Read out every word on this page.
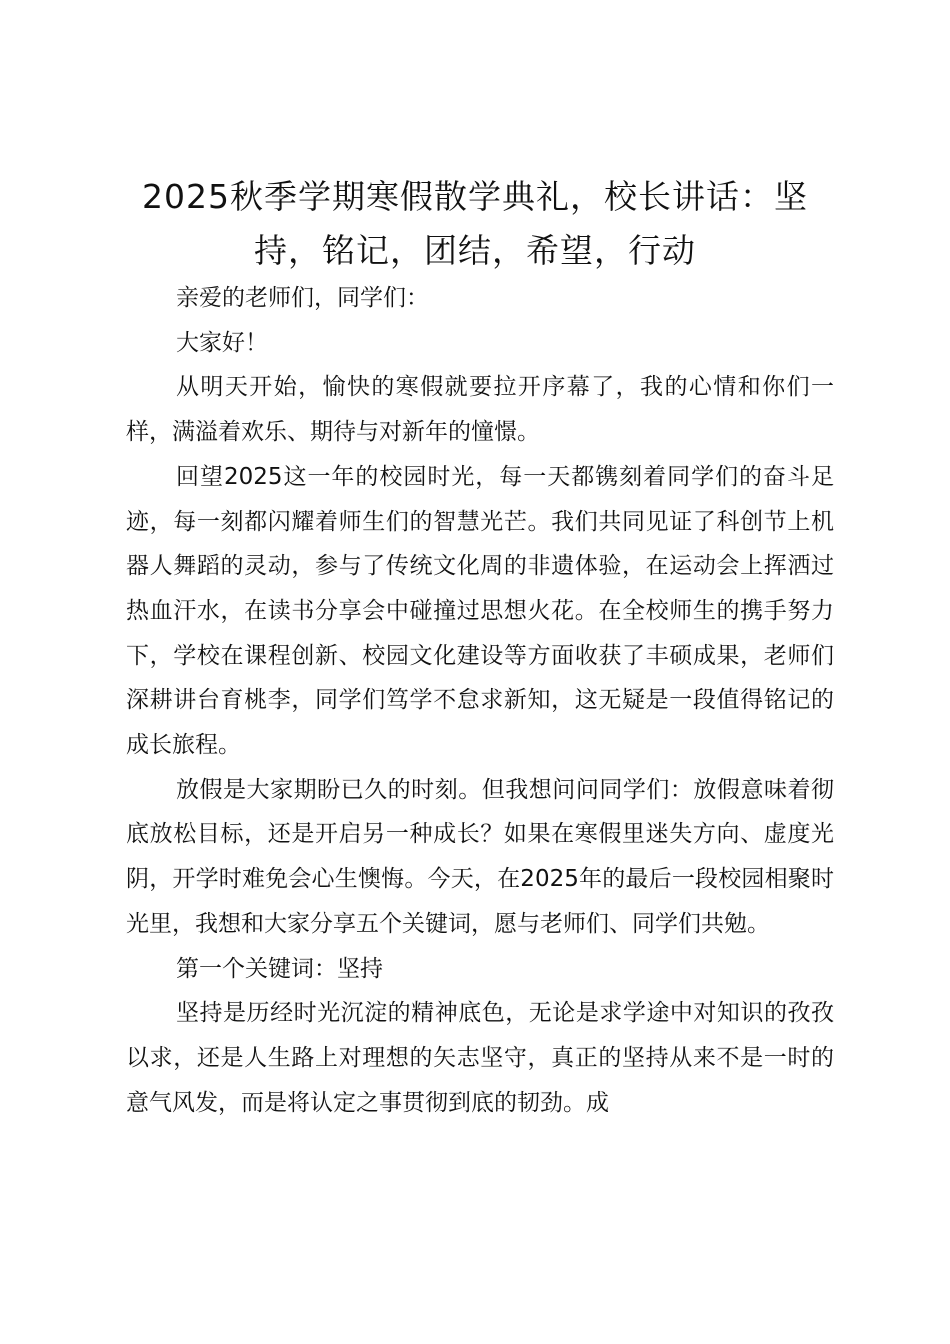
2025秋季学期寒假散学典礼，校长讲话：坚持，铭记，团结，希望，行动

亲爱的老师们，同学们：

大家好！

从明天开始，愉快的寒假就要拉开序幕了，我的心情和你们一样，满溢着欢乐、期待与对新年的憧憬。

回望2025这一年的校园时光，每一天都镌刻着同学们的奋斗足迹，每一刻都闪耀着师生们的智慧光芒。我们共同见证了科创节上机器人舞蹈的灵动，参与了传统文化周的非遗体验，在运动会上挥洒过热血汗水，在读书分享会中碰撞过思想火花。在全校师生的携手努力下，学校在课程创新、校园文化建设等方面收获了丰硕成果，老师们深耕讲台育桃李，同学们笃学不怠求新知，这无疑是一段值得铭记的成长旅程。

放假是大家期盼已久的时刻。但我想问问同学们：放假意味着彻底放松目标，还是开启另一种成长？如果在寒假里迷失方向、虚度光阴，开学时难免会心生懊悔。今天，在2025年的最后一段校园相聚时光里，我想和大家分享五个关键词，愿与老师们、同学们共勉。

第一个关键词：坚持

坚持是历经时光沉淀的精神底色，无论是求学途中对知识的孜孜以求，还是人生路上对理想的矢志坚守，真正的坚持从来不是一时的意气风发，而是将认定之事贯彻到底的韧劲。成
